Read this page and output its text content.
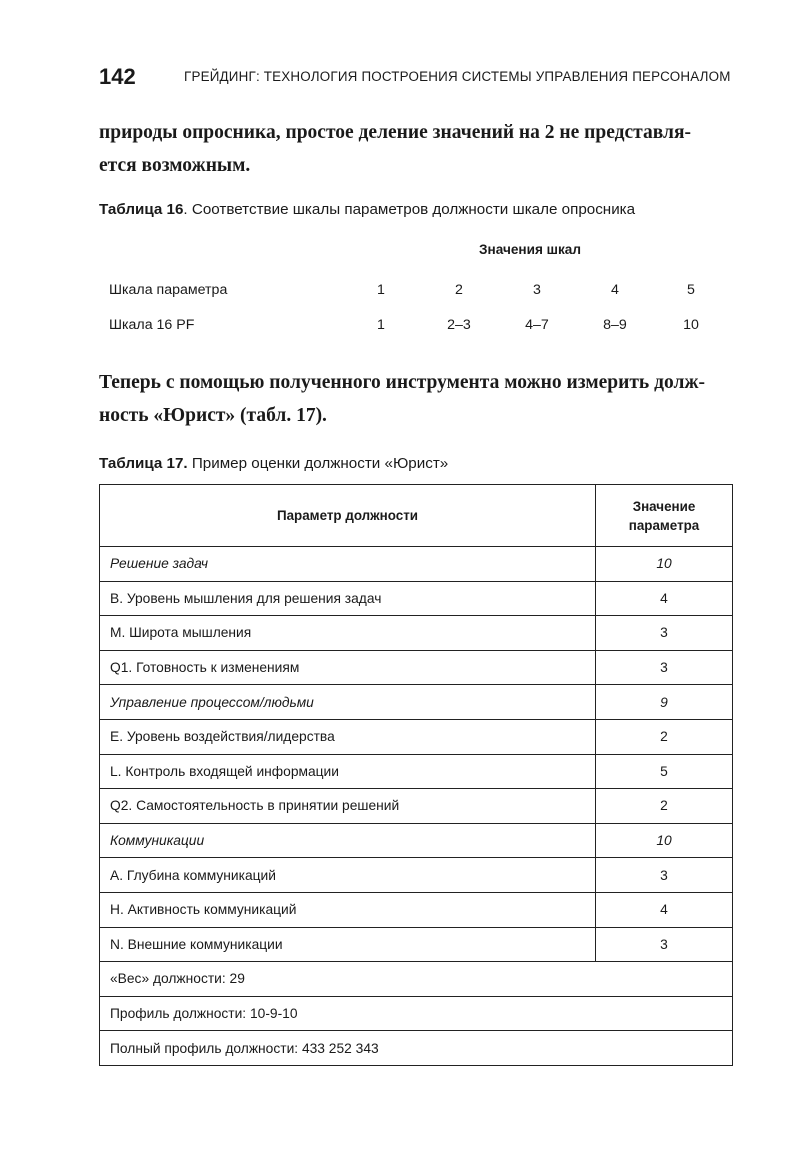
142	ГРЕЙДИНГ: ТЕХНОЛОГИЯ ПОСТРОЕНИЯ СИСТЕМЫ УПРАВЛЕНИЯ ПЕРСОНАЛОМ
природы опросника, простое деление значений на 2 не представля-
ется возможным.
Таблица 16. Соответствие шкалы параметров должности шкале опросника
Значения шкал
Шкала параметра	1	2	3	4	5
Шкала 16 PF	1	2–3	4–7	8–9	10
Теперь с помощью полученного инструмента можно измерить долж-
ность «Юрист» (табл. 17).
Таблица 17. Пример оценки должности «Юрист»
Параметр должности	Значение параметра
Решение задач	10
B. Уровень мышления для решения задач	4
M. Широта мышления	3
Q1. Готовность к изменениям	3
Управление процессом/людьми	9
E. Уровень воздействия/лидерства	2
L. Контроль входящей информации	5
Q2. Самостоятельность в принятии решений	2
Коммуникации	10
A. Глубина коммуникаций	3
H. Активность коммуникаций	4
N. Внешние коммуникации	3
«Вес» должности: 29	
Профиль должности: 10-9-10	
Полный профиль должности: 433 252 343	
